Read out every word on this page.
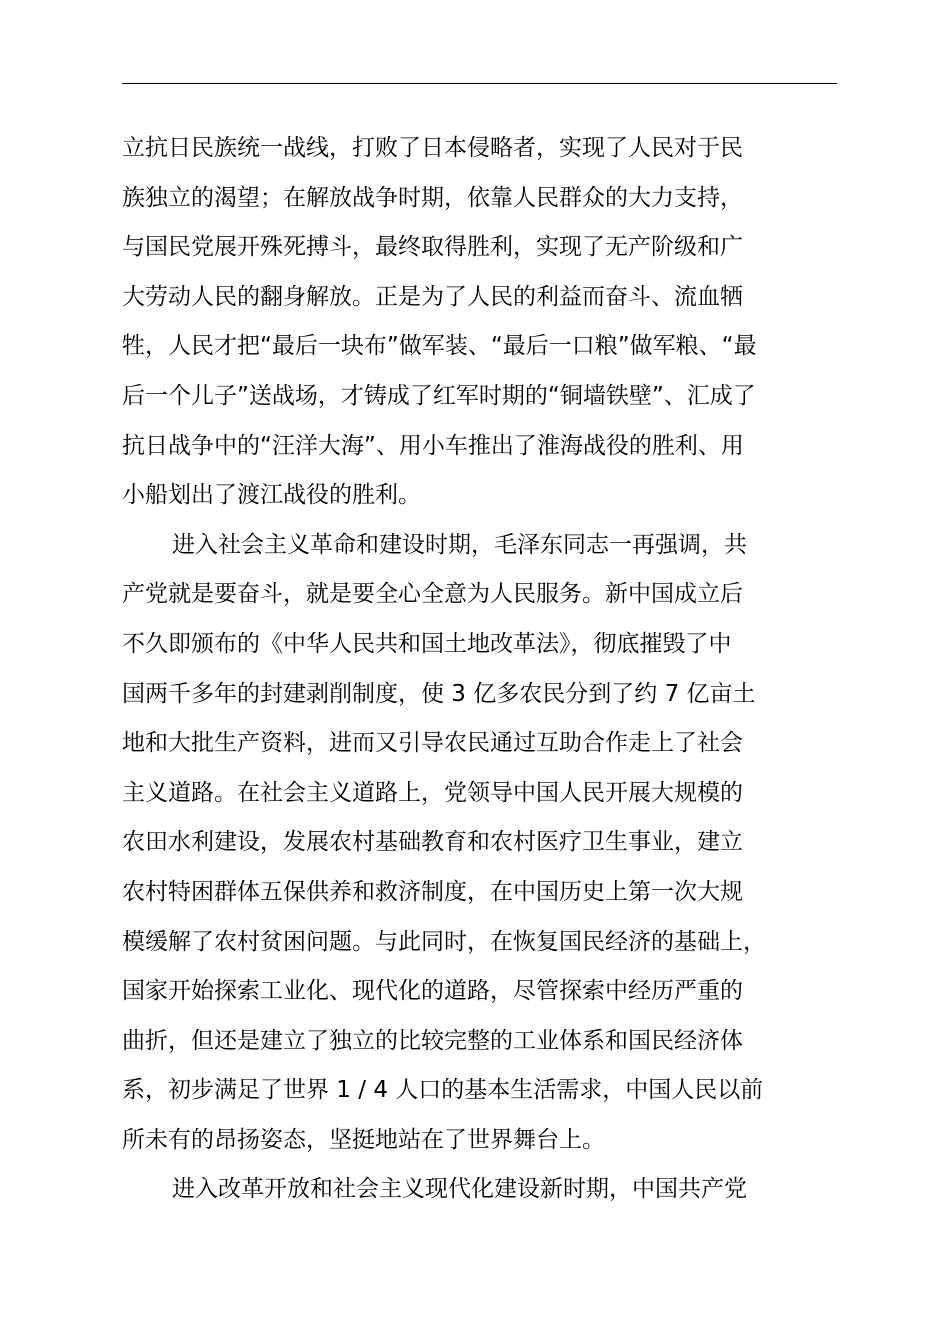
立抗日民族统一战线，打败了日本侵略者，实现了人民对于民
族独立的渴望；在解放战争时期，依靠人民群众的大力支持，
与国民党展开殊死搏斗，最终取得胜利，实现了无产阶级和广
大劳动人民的翻身解放。正是为了人民的利益而奋斗、流血牺
牲，人民才把“最后一块布”做军装、“最后一口粮”做军粮、“最
后一个儿子”送战场，才铸成了红军时期的“铜墙铁壁”、汇成了
抗日战争中的“汪洋大海”、用小车推出了淮海战役的胜利、用
小船划出了渡江战役的胜利。
进入社会主义革命和建设时期，毛泽东同志一再强调，共
产党就是要奋斗，就是要全心全意为人民服务。新中国成立后
不久即颁布的《中华人民共和国土地改革法》，彻底摧毁了中
国两千多年的封建剥削制度，使 3 亿多农民分到了约 7 亿亩土
地和大批生产资料，进而又引导农民通过互助合作走上了社会
主义道路。在社会主义道路上，党领导中国人民开展大规模的
农田水利建设，发展农村基础教育和农村医疗卫生事业，建立
农村特困群体五保供养和救济制度，在中国历史上第一次大规
模缓解了农村贫困问题。与此同时，在恢复国民经济的基础上，
国家开始探索工业化、现代化的道路，尽管探索中经历严重的
曲折，但还是建立了独立的比较完整的工业体系和国民经济体
系，初步满足了世界 1 / 4 人口的基本生活需求，中国人民以前
所未有的昂扬姿态，坚挺地站在了世界舞台上。
进入改革开放和社会主义现代化建设新时期，中国共产党
